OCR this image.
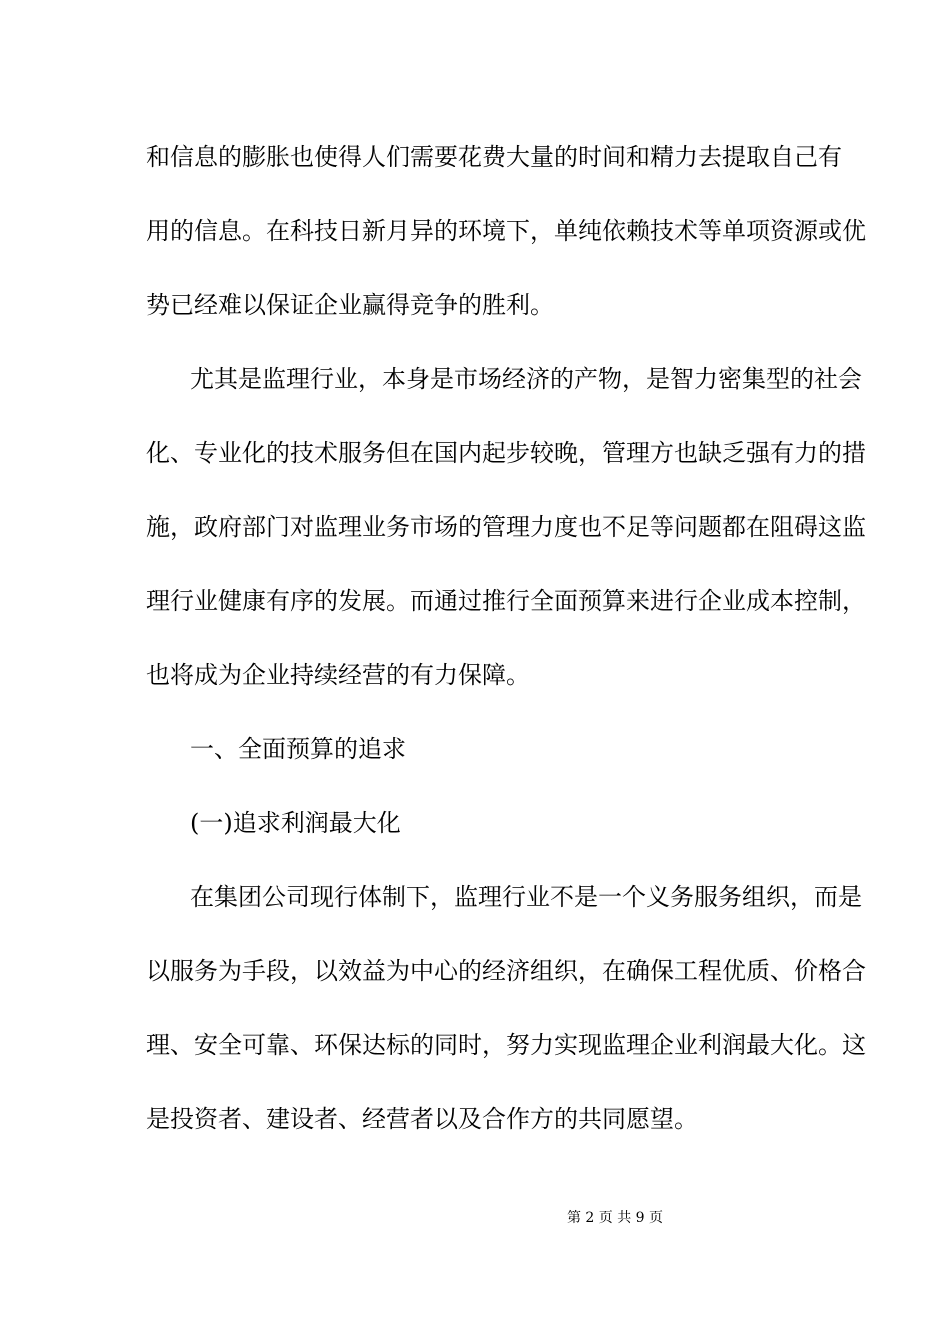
和信息的膨胀也使得人们需要花费大量的时间和精力去提取自己有
用的信息。在科技日新月异的环境下，单纯依赖技术等单项资源或优
势已经难以保证企业赢得竞争的胜利。
尤其是监理行业，本身是市场经济的产物，是智力密集型的社会
化、专业化的技术服务但在国内起步较晚，管理方也缺乏强有力的措
施，政府部门对监理业务市场的管理力度也不足等问题都在阻碍这监
理行业健康有序的发展。而通过推行全面预算来进行企业成本控制，
也将成为企业持续经营的有力保障。
一、全面预算的追求
(一)追求利润最大化
在集团公司现行体制下，监理行业不是一个义务服务组织，而是
以服务为手段，以效益为中心的经济组织，在确保工程优质、价格合
理、安全可靠、环保达标的同时，努力实现监理企业利润最大化。这
是投资者、建设者、经营者以及合作方的共同愿望。
第 2 页 共 9 页
